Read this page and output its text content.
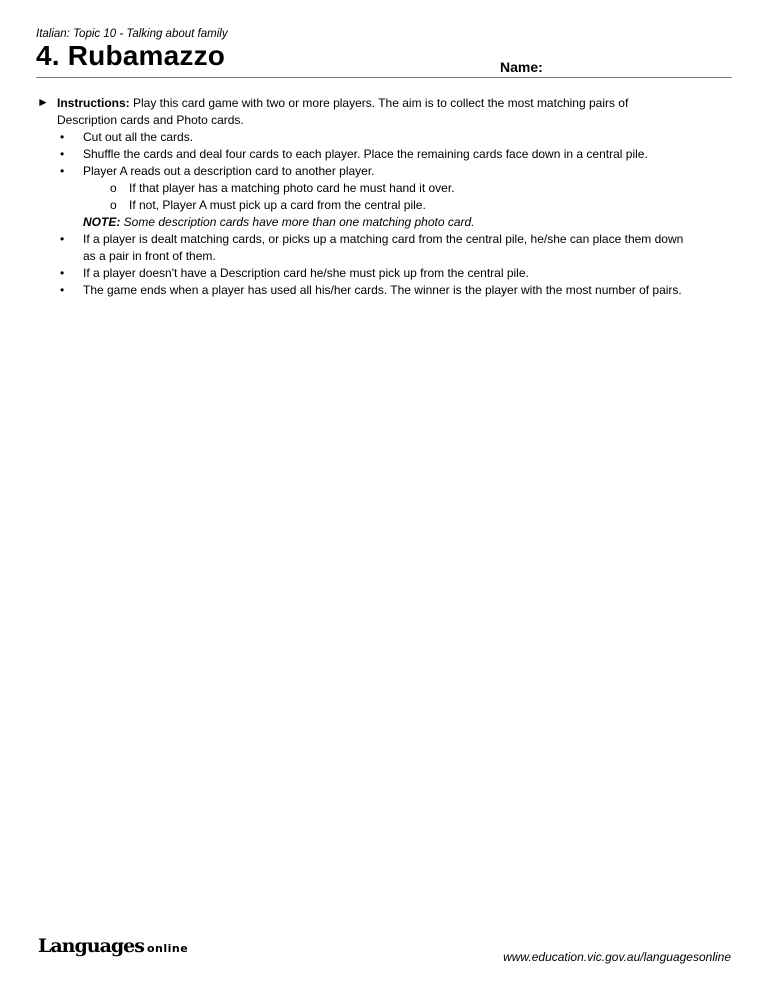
Italian: Topic 10 - Talking about family
4. Rubamazzo	Name:
► Instructions: Play this card game with two or more players. The aim is to collect the most matching pairs of
Description cards and Photo cards.
• Cut out all the cards.
• Shuffle the cards and deal four cards to each player. Place the remaining cards face down in a central pile.
• Player A reads out a description card to another player.
o If that player has a matching photo card he must hand it over.
o If not, Player A must pick up a card from the central pile.
NOTE: Some description cards have more than one matching photo card.
• If a player is dealt matching cards, or picks up a matching card from the central pile, he/she can place them down
as a pair in front of them.
• If a player doesn't have a Description card he/she must pick up from the central pile.
• The game ends when a player has used all his/her cards. The winner is the player with the most number of pairs.
Languages online
www.education.vic.gov.au/languagesonline
